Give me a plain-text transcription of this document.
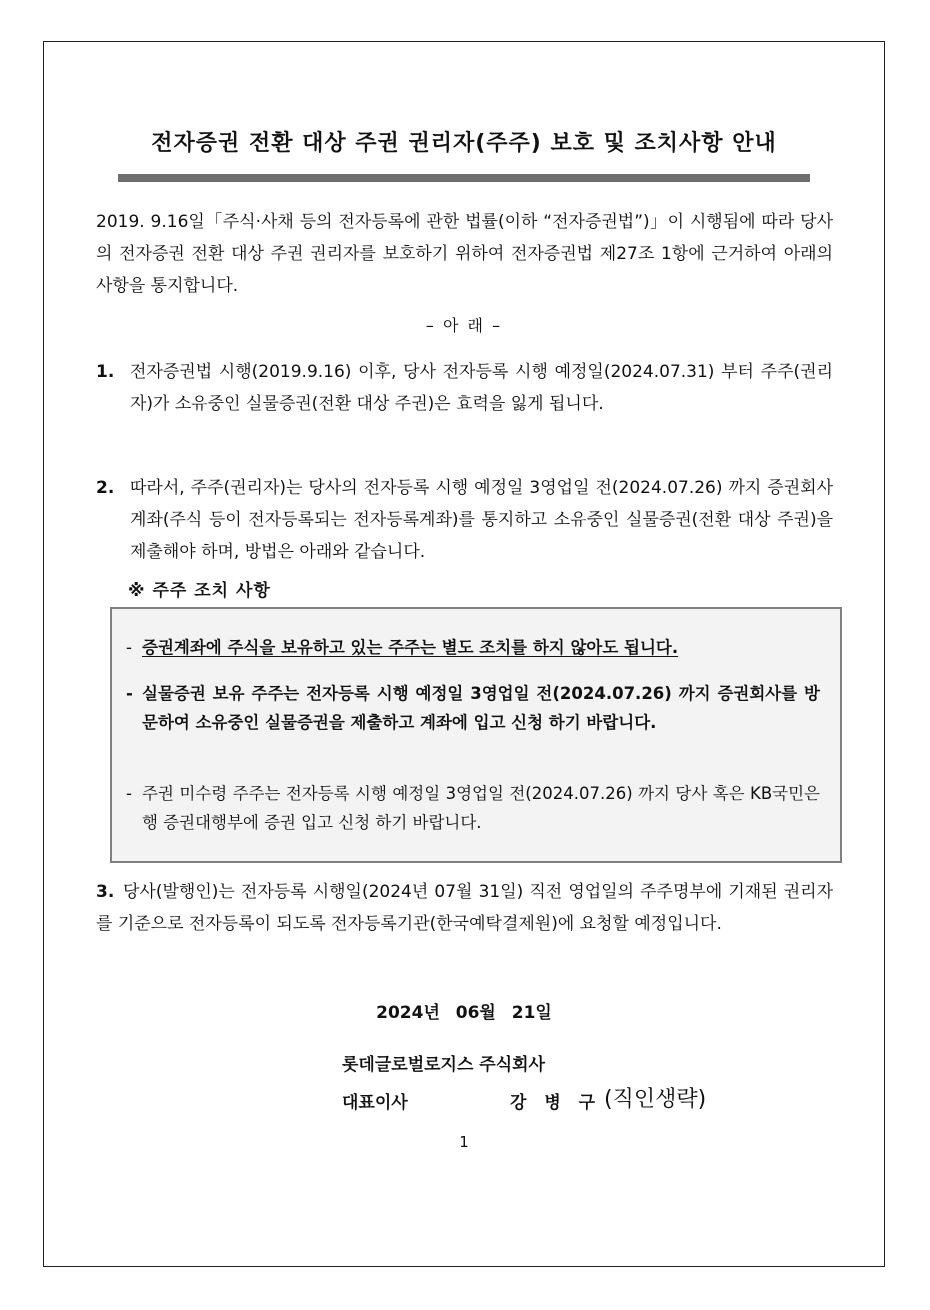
전자증권 전환 대상 주권 권리자(주주) 보호 및 조치사항 안내
2019. 9.16일「주식·사채 등의 전자등록에 관한 법률(이하 “전자증권법”)」이 시행됨에 따라 당사의 전자증권 전환 대상 주권 권리자를 보호하기 위하여 전자증권법 제27조 1항에 근거하여 아래의 사항을 통지합니다.
– 아 래 –
1. 전자증권법 시행(2019.9.16) 이후, 당사 전자등록 시행 예정일(2024.07.31) 부터 주주(권리자)가 소유중인 실물증권(전환 대상 주권)은 효력을 잃게 됩니다.
2. 따라서, 주주(권리자)는 당사의 전자등록 시행 예정일 3영업일 전(2024.07.26) 까지 증권회사 계좌(주식 등이 전자등록되는 전자등록계좌)를 통지하고 소유중인 실물증권(전환 대상 주권)을 제출해야 하며, 방법은 아래와 같습니다.
※ 주주 조치 사항
- 증권계좌에 주식을 보유하고 있는 주주는 별도 조치를 하지 않아도 됩니다.
- 실물증권 보유 주주는 전자등록 시행 예정일 3영업일 전(2024.07.26) 까지 증권회사를 방문하여 소유중인 실물증권을 제출하고 계좌에 입고 신청 하기 바랍니다.
- 주권 미수령 주주는 전자등록 시행 예정일 3영업일 전(2024.07.26) 까지 당사 혹은 KB국민은행 증권대행부에 증권 입고 신청 하기 바랍니다.
3. 당사(발행인)는 전자등록 시행일(2024년 07월 31일) 직전 영업일의 주주명부에 기재된 권리자를 기준으로 전자등록이 되도록 전자등록기관(한국예탁결제원)에 요청할 예정입니다.
2024년 06월 21일
롯데글로벌로지스 주식회사
대표이사	강 병 구 (직인생략)
1
